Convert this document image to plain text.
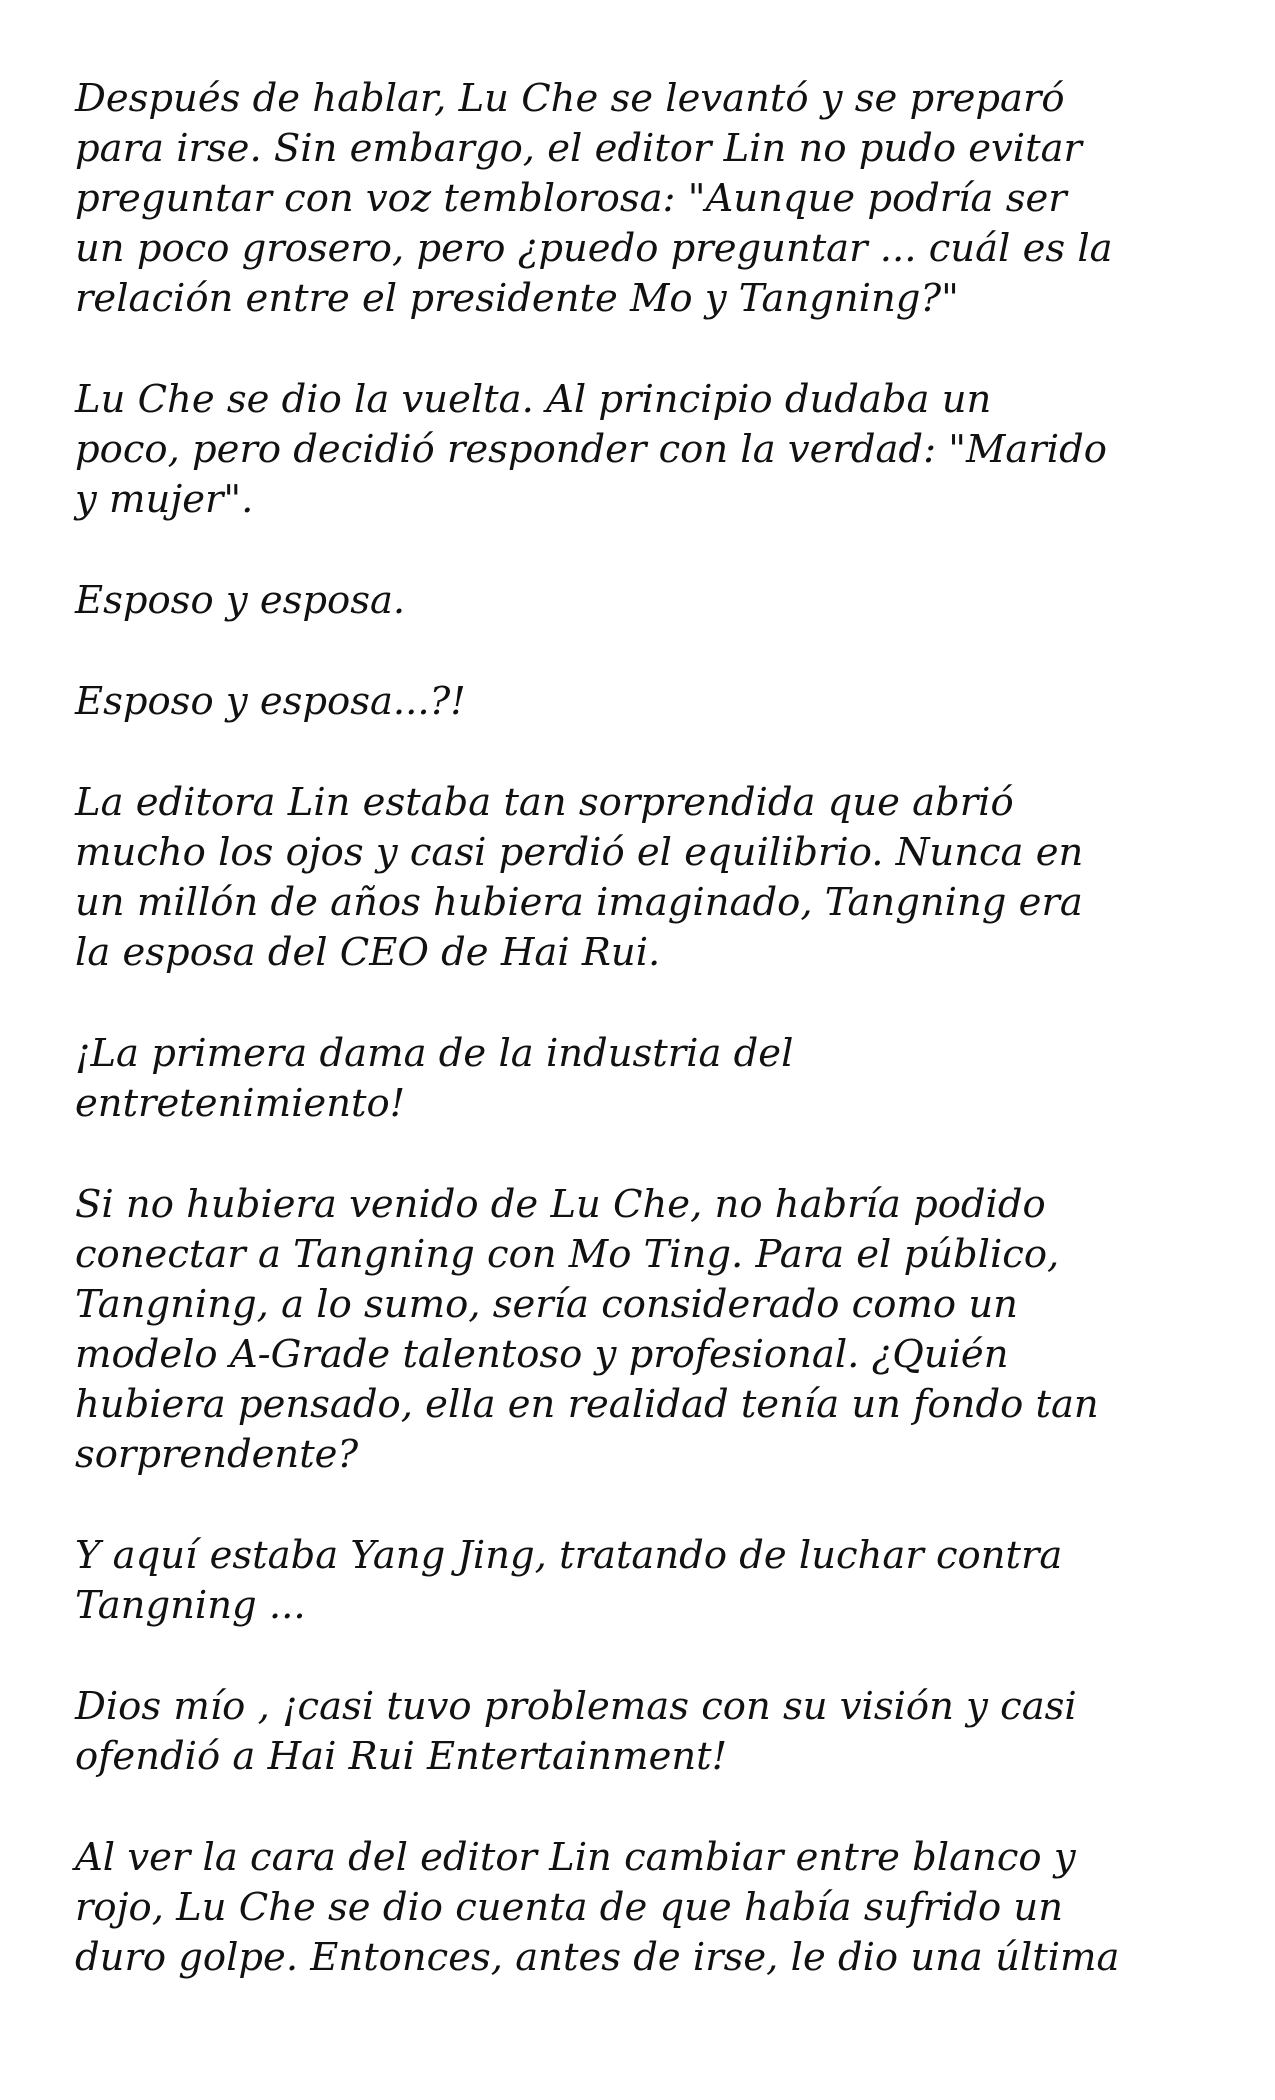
Después de hablar, Lu Che se levantó y se preparó
para irse. Sin embargo, el editor Lin no pudo evitar
preguntar con voz temblorosa: "Aunque podría ser
un poco grosero, pero ¿puedo preguntar ... cuál es la
relación entre el presidente Mo y Tangning?"

Lu Che se dio la vuelta. Al principio dudaba un
poco, pero decidió responder con la verdad: "Marido
y mujer".

Esposo y esposa.

Esposo y esposa...?!

La editora Lin estaba tan sorprendida que abrió
mucho los ojos y casi perdió el equilibrio. Nunca en
un millón de años hubiera imaginado, Tangning era
la esposa del CEO de Hai Rui.

¡La primera dama de la industria del
entretenimiento!

Si no hubiera venido de Lu Che, no habría podido
conectar a Tangning con Mo Ting. Para el público,
Tangning, a lo sumo, sería considerado como un
modelo A-Grade talentoso y profesional. ¿Quién
hubiera pensado, ella en realidad tenía un fondo tan
sorprendente?

Y aquí estaba Yang Jing, tratando de luchar contra
Tangning ...

Dios mío , ¡casi tuvo problemas con su visión y casi
ofendió a Hai Rui Entertainment!

Al ver la cara del editor Lin cambiar entre blanco y
rojo, Lu Che se dio cuenta de que había sufrido un
duro golpe. Entonces, antes de irse, le dio una última
